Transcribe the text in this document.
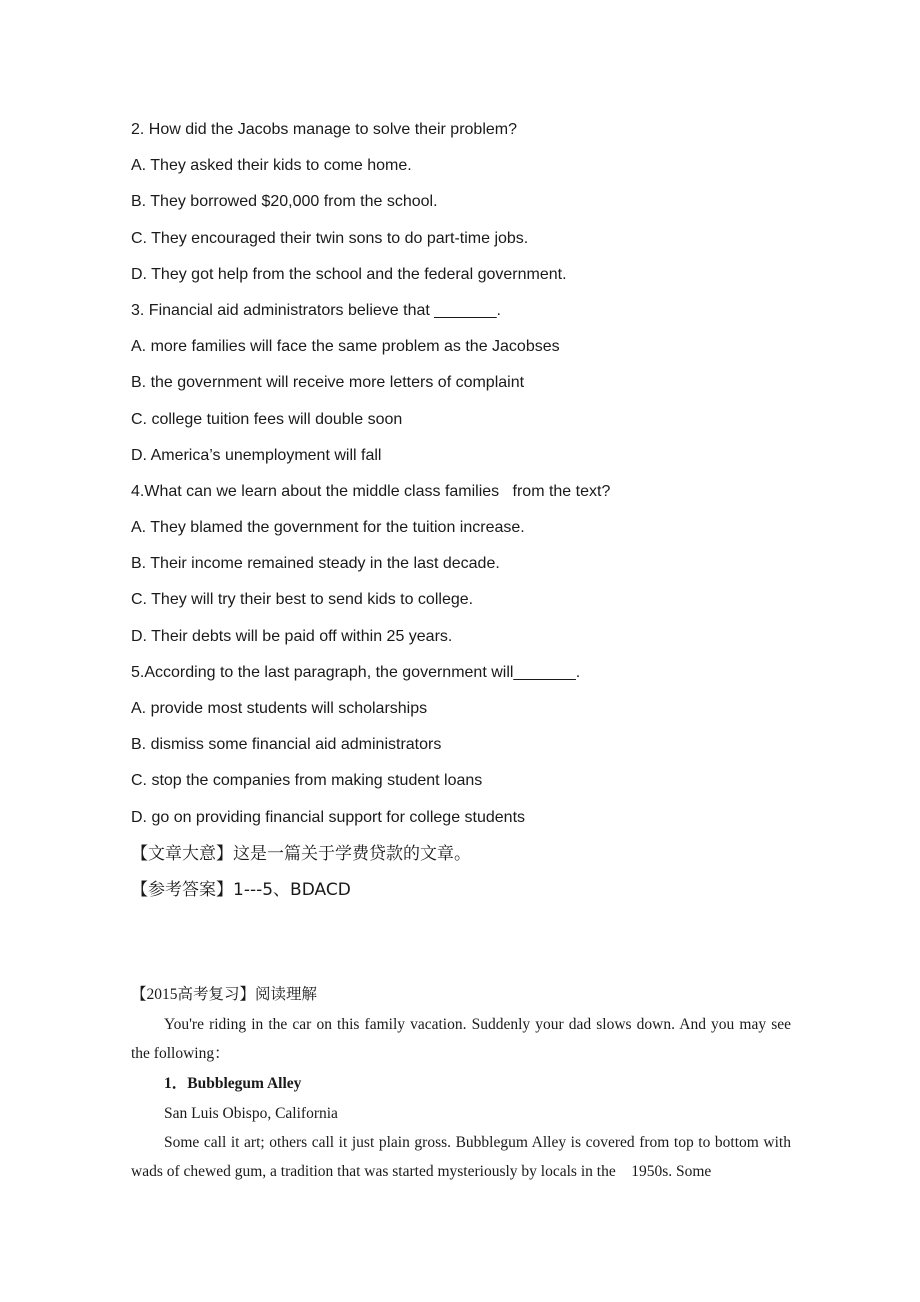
2. How did the Jacobs manage to solve their problem?
A. They asked their kids to come home.
B. They borrowed $20,000 from the school.
C. They encouraged their twin sons to do part-time jobs.
D. They got help from the school and the federal government.
3. Financial aid administrators believe that _______.
A. more families will face the same problem as the Jacobses
B. the government will receive more letters of complaint
C. college tuition fees will double soon
D. America’s unemployment will fall
4.What can we learn about the middle class families   from the text?
A. They blamed the government for the tuition increase.
B. Their income remained steady in the last decade.
C. They will try their best to send kids to college.
D. Their debts will be paid off within 25 years.
5.According to the last paragraph, the government will_______.
A. provide most students will scholarships
B. dismiss some financial aid administrators
C. stop the companies from making student loans
D. go on providing financial support for college students
【文章大意】这是一篇关于学费贷款的文章。
【参考答案】1---5、BDACD
【2015高考复习】阅读理解
You're riding in the car on this family vacation. Suddenly your dad slows down. And you may see the following：
1．Bubblegum Alley
San Luis Obispo, California
Some call it art; others call it just plain gross. Bubblegum Alley is covered from top to bottom with wads of chewed gum, a tradition that was started mysteriously by locals in the    1950s. Some
